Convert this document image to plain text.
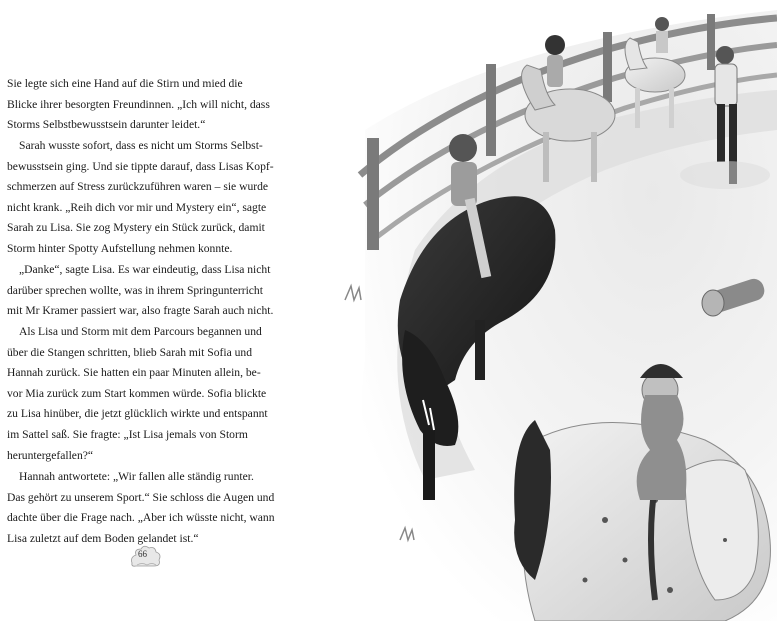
Sie legte sich eine Hand auf die Stirn und mied die
Blicke ihrer besorgten Freundinnen. „Ich will nicht, dass
Storms Selbstbewusstsein darunter leidet.“

Sarah wusste sofort, dass es nicht um Storms Selbst-
bewusstsein ging. Und sie tippte darauf, dass Lisas Kopf-
schmerzen auf Stress zurückzuführen waren – sie wurde
nicht krank. „Reih dich vor mir und Mystery ein“, sagte
Sarah zu Lisa. Sie zog Mystery ein Stück zurück, damit
Storm hinter Spotty Aufstellung nehmen konnte.

„Danke“, sagte Lisa. Es war eindeutig, dass Lisa nicht
darüber sprechen wollte, was in ihrem Springunterricht
mit Mr Kramer passiert war, also fragte Sarah auch nicht.

Als Lisa und Storm mit dem Parcours begannen und
über die Stangen schritten, blieb Sarah mit Sofia und
Hannah zurück. Sie hatten ein paar Minuten allein, be-
vor Mia zurück zum Start kommen würde. Sofia blickte
zu Lisa hinüber, die jetzt glücklich wirkte und entspannt
im Sattel saß. Sie fragte: „Ist Lisa jemals von Storm
heruntergefallen?“

Hannah antwortete: „Wir fallen alle ständig runter.
Das gehört zu unserem Sport.“ Sie schloss die Augen und
dachte über die Frage nach. „Aber ich wüsste nicht, wann
Lisa zuletzt auf dem Boden gelandet ist.“

66
